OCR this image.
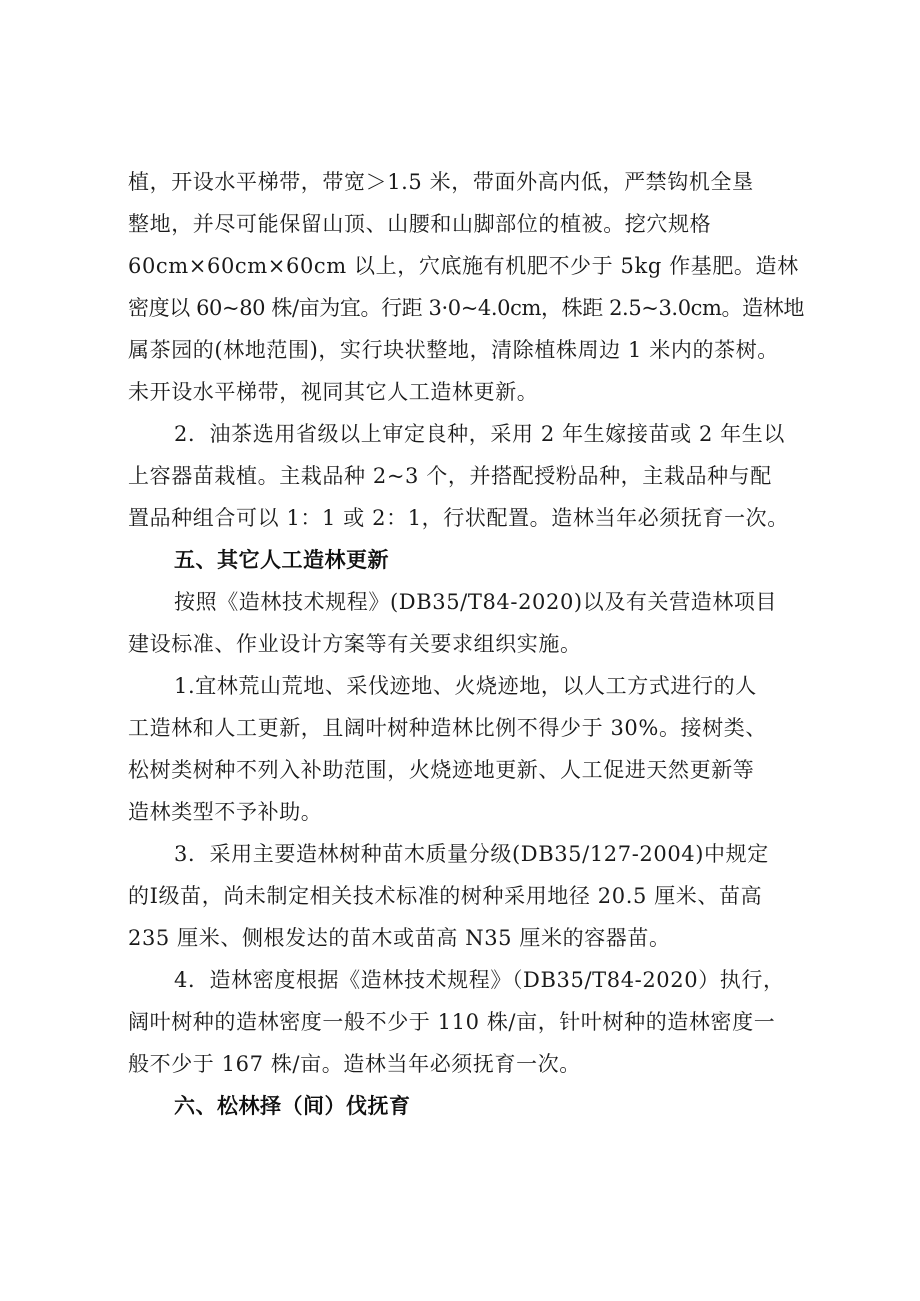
植，开设水平梯带，带宽＞1.5 米，带面外高内低，严禁钩机全垦
整地，并尽可能保留山顶、山腰和山脚部位的植被。挖穴规格
60cm×60cm×60cm 以上，穴底施有机肥不少于 5kg 作基肥。造林
密度以 60~80 株/亩为宜。行距 3·0~4.0cm，株距 2.5~3.0cm。造林地
属茶园的(林地范围)，实行块状整地，清除植株周边 1 米内的茶树。
未开设水平梯带，视同其它人工造林更新。
2．油茶选用省级以上审定良种，采用 2 年生嫁接苗或 2 年生以
上容器苗栽植。主栽品种 2~3 个，并搭配授粉品种，主栽品种与配
置品种组合可以 1：1 或 2：1，行状配置。造林当年必须抚育一次。
五、其它人工造林更新
按照《造林技术规程》(DB35/T84-2020)以及有关营造林项目
建设标准、作业设计方案等有关要求组织实施。
1.宜林荒山荒地、采伐迹地、火烧迹地，以人工方式进行的人
工造林和人工更新，且阔叶树种造林比例不得少于 30%。接树类、
松树类树种不列入补助范围，火烧迹地更新、人工促进天然更新等
造林类型不予补助。
3．采用主要造林树种苗木质量分级(DB35/127-2004)中规定
的Ⅰ级苗，尚未制定相关技术标准的树种采用地径 20.5 厘米、苗高
235 厘米、侧根发达的苗木或苗高 N35 厘米的容器苗。
4．造林密度根据《造林技术规程》（DB35/T84-2020）执行，
阔叶树种的造林密度一般不少于 110 株/亩，针叶树种的造林密度一
般不少于 167 株/亩。造林当年必须抚育一次。
六、松林择（间）伐抚育
